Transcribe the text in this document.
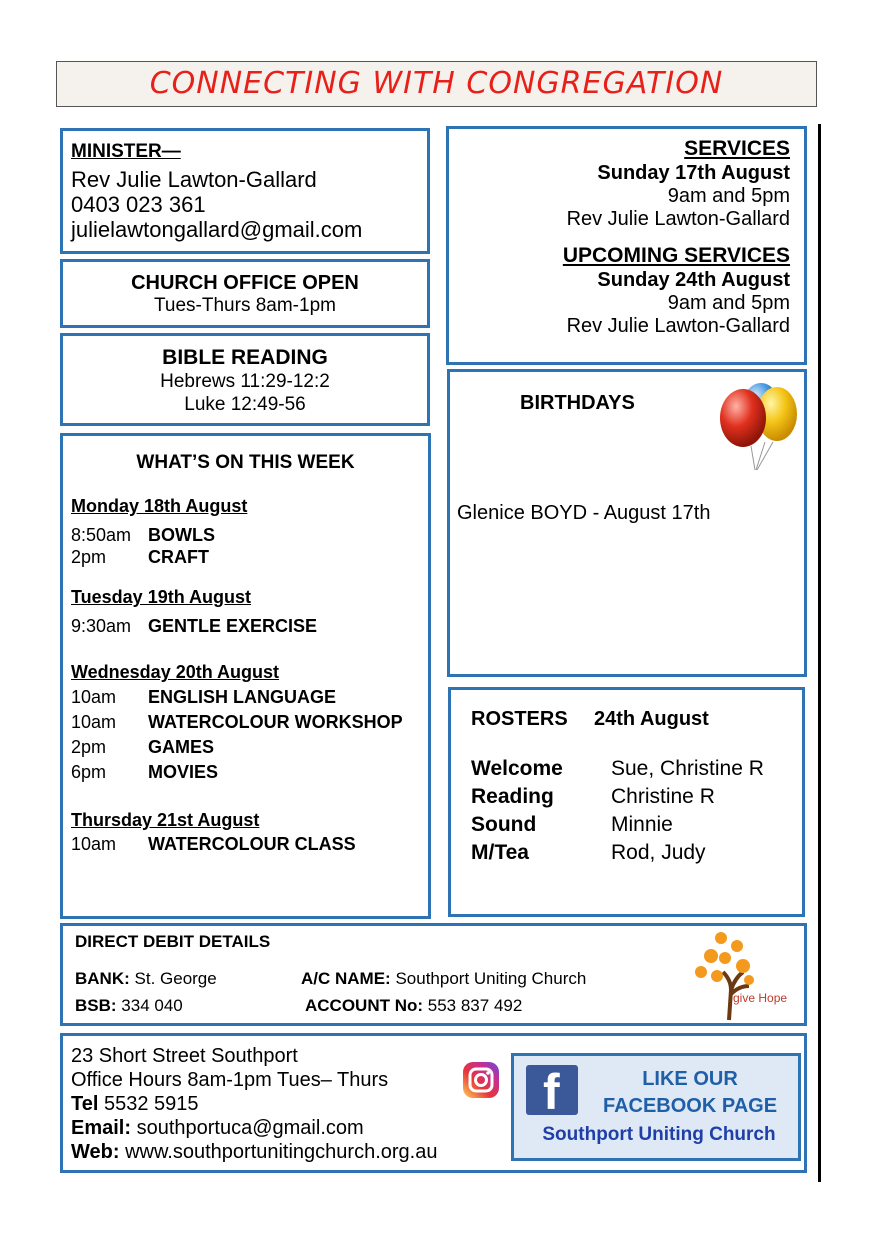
CONNECTING WITH CONGREGATION
MINISTER—
Rev Julie Lawton-Gallard
0403 023 361
julielawtongallard@gmail.com
CHURCH OFFICE OPEN
Tues-Thurs 8am-1pm
BIBLE READING
Hebrews 11:29-12:2
Luke 12:49-56
WHAT’S ON THIS WEEK
Monday 18th August
8:50am BOWLS
2pm	CRAFT
Tuesday 19th August
9:30am GENTLE EXERCISE
Wednesday 20th August
10am	ENGLISH LANGUAGE
10am	WATERCOLOUR WORKSHOP
2pm	GAMES
6pm	MOVIES
Thursday 21st August
10am	WATERCOLOUR CLASS
SERVICES
Sunday 17th August
9am and 5pm
Rev Julie Lawton-Gallard
UPCOMING SERVICES
Sunday 24th August
9am and 5pm
Rev Julie Lawton-Gallard
BIRTHDAYS
Glenice BOYD - August 17th
ROSTERS	24th August
Welcome	Sue, Christine R
Reading	Christine R
Sound	Minnie
M/Tea	Rod, Judy
DIRECT DEBIT DETAILS
BANK: St. George	A/C NAME: Southport Uniting Church
BSB: 334 040	ACCOUNT No: 553 837 492	give Hope
23 Short Street Southport
Office Hours 8am-1pm Tues– Thurs
Tel 5532 5915
Email: southportuca@gmail.com
Web: www.southportunitingchurch.org.au
f	LIKE OUR
FACEBOOK PAGE
Southport Uniting Church
